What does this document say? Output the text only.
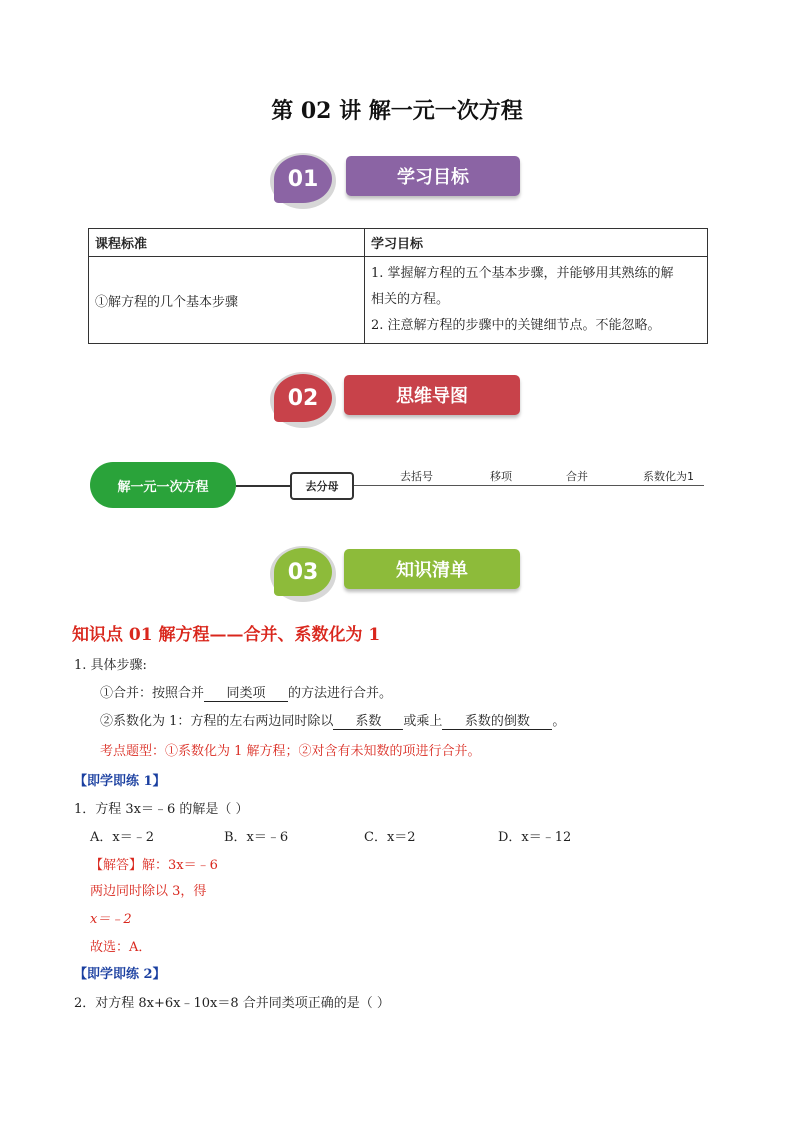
第 02 讲 解一元一次方程
01	学习目标
课程标准	学习目标
①解方程的几个基本步骤	1. 掌握解方程的五个基本步骤，并能够用其熟练的解
相关的方程。
2. 注意解方程的步骤中的关键细节点。不能忽略。
02	思维导图
解一元一次方程	去分母
去括号	移项	合并	系数化为1
03	知识清单
知识点 01 解方程——合并、系数化为 1
1. 具体步骤:
①合并：按照合并 同类项 的方法进行合并。
②系数化为 1：方程的左右两边同时除以 系数 或乘上 系数的倒数 。
考点题型：①系数化为 1 解方程；②对含有未知数的项进行合并。
【即学即练 1】
1．方程 3x＝﹣6 的解是（ ）
A．x＝﹣2	B．x＝﹣6	C．x＝2	D．x＝﹣12
【解答】解：3x＝﹣6
两边同时除以 3，得
x＝﹣2
故选：A．
【即学即练 2】
2．对方程 8x+6x﹣10x＝8 合并同类项正确的是（ ）
